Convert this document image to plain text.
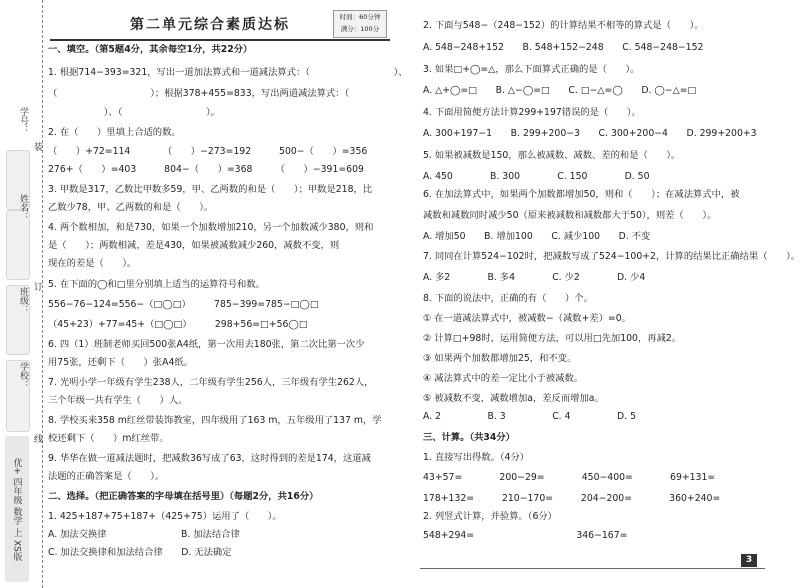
学号：
姓名：
班级：
学校：
优+ 四年级 数学 上 XS版
装
订
线
第二单元综合素质达标	时间：60分钟
满分：100分
一、填空。（第5题4分，其余每空1分，共22分）
1. 根据714−393=321，写出一道加法算式和一道减法算式：（　　　　　　　　　）、
（　　　　　　　　　　）；根据378+455=833，写出两道减法算式：（　　　　　　
　　　　　　）、（　　　　　　　　　）。
2. 在（　　）里填上合适的数。
（　　）+72=114　　　　（　　）−273=192　　　500−（　　）=356
276+（　　）=403　　　804−（　　）=368　　　（　　）−391=609
3. 甲数是317，乙数比甲数多59，甲、乙两数的和是（　　）；甲数是218，比
乙数少78，甲、乙两数的和是（　　）。
4. 两个数相加，和是730，如果一个加数增加210，另一个加数减少380，则和
是（　　）；两数相减，差是430，如果被减数减少260，减数不变，则
现在的差是（　　）。
5. 在下面的◯和□里分别填上适当的运算符号和数。
556−76−124=556−（□◯□）　　　785−399=785−□◯□
（45+23）+77=45+（□◯□）　　　298+56=□+56◯□
6. 四（1）班制老师买回500张A4纸，第一次用去180张，第二次比第一次少
用75张，还剩下（　　）张A4纸。
7. 光明小学一年级有学生238人，二年级有学生256人，三年级有学生262人，
三个年级一共有学生（　　）人。
8. 学校买来358 m红丝带装饰教室，四年级用了163 m，五年级用了137 m，学
校还剩下（　　）m红丝带。
9. 华华在做一道减法题时，把减数36写成了63，这时得到的差是174，这道减
法题的正确答案是（　　）。
二、选择。（把正确答案的字母填在括号里）（每题2分，共16分）
1. 425+187+75+187+（425+75）运用了（　　）。
A. 加法交换律　　　　　　　　B. 加法结合律
C. 加法交换律和加法结合律　　D. 无法确定
2. 下面与548−（248−152）的计算结果不相等的算式是（　　）。
A. 548−248+152　　B. 548+152−248　　C. 548−248−152
3. 如果□+◯=△，那么下面算式正确的是（　　）。
A. △+◯=□　　B. △−◯=□　　C. □−△=◯　　D. ◯−△=□
4. 下面用简便方法计算299+197错误的是（　　）。
A. 300+197−1　　B. 299+200−3　　C. 300+200−4　　D. 299+200+3
5. 如果被减数是150，那么被减数、减数、差的和是（　　）。
A. 450　　　　B. 300　　　　C. 150　　　　D. 50
6. 在加法算式中，如果两个加数都增加50，则和（　　）；在减法算式中，被
减数和减数同时减少50（原来被减数和减数都大于50），则差（　　）。
A. 增加50　　B. 增加100　　C. 减少100　　D. 不变
7. 同同在计算524−102时，把减数写成了524−100+2，计算的结果比正确结果（　　）。
A. 多2　　　　B. 多4　　　　C. 少2　　　　D. 少4
8. 下面的说法中，正确的有（　　）个。
① 在一道减法算式中，被减数−（减数+差）=0。
② 计算□+98时，运用简便方法，可以用□先加100，再减2。
③ 如果两个加数都增加25，和不变。
④ 减法算式中的差一定比小于被减数。
⑤ 被减数不变，减数增加a，差反而增加a。
A. 2　　　　　B. 3　　　　　C. 4　　　　　D. 5
三、计算。（共34分）
1. 直接写出得数。（4分）
43+57=　　　　200−29=　　　　450−400=　　　　69+131=
178+132=　　　210−170=　　　204−200=　　　　360+240=
2. 列竖式计算，并验算。（6分）
548+294=　　　　　　　　　　　346−167=
3
